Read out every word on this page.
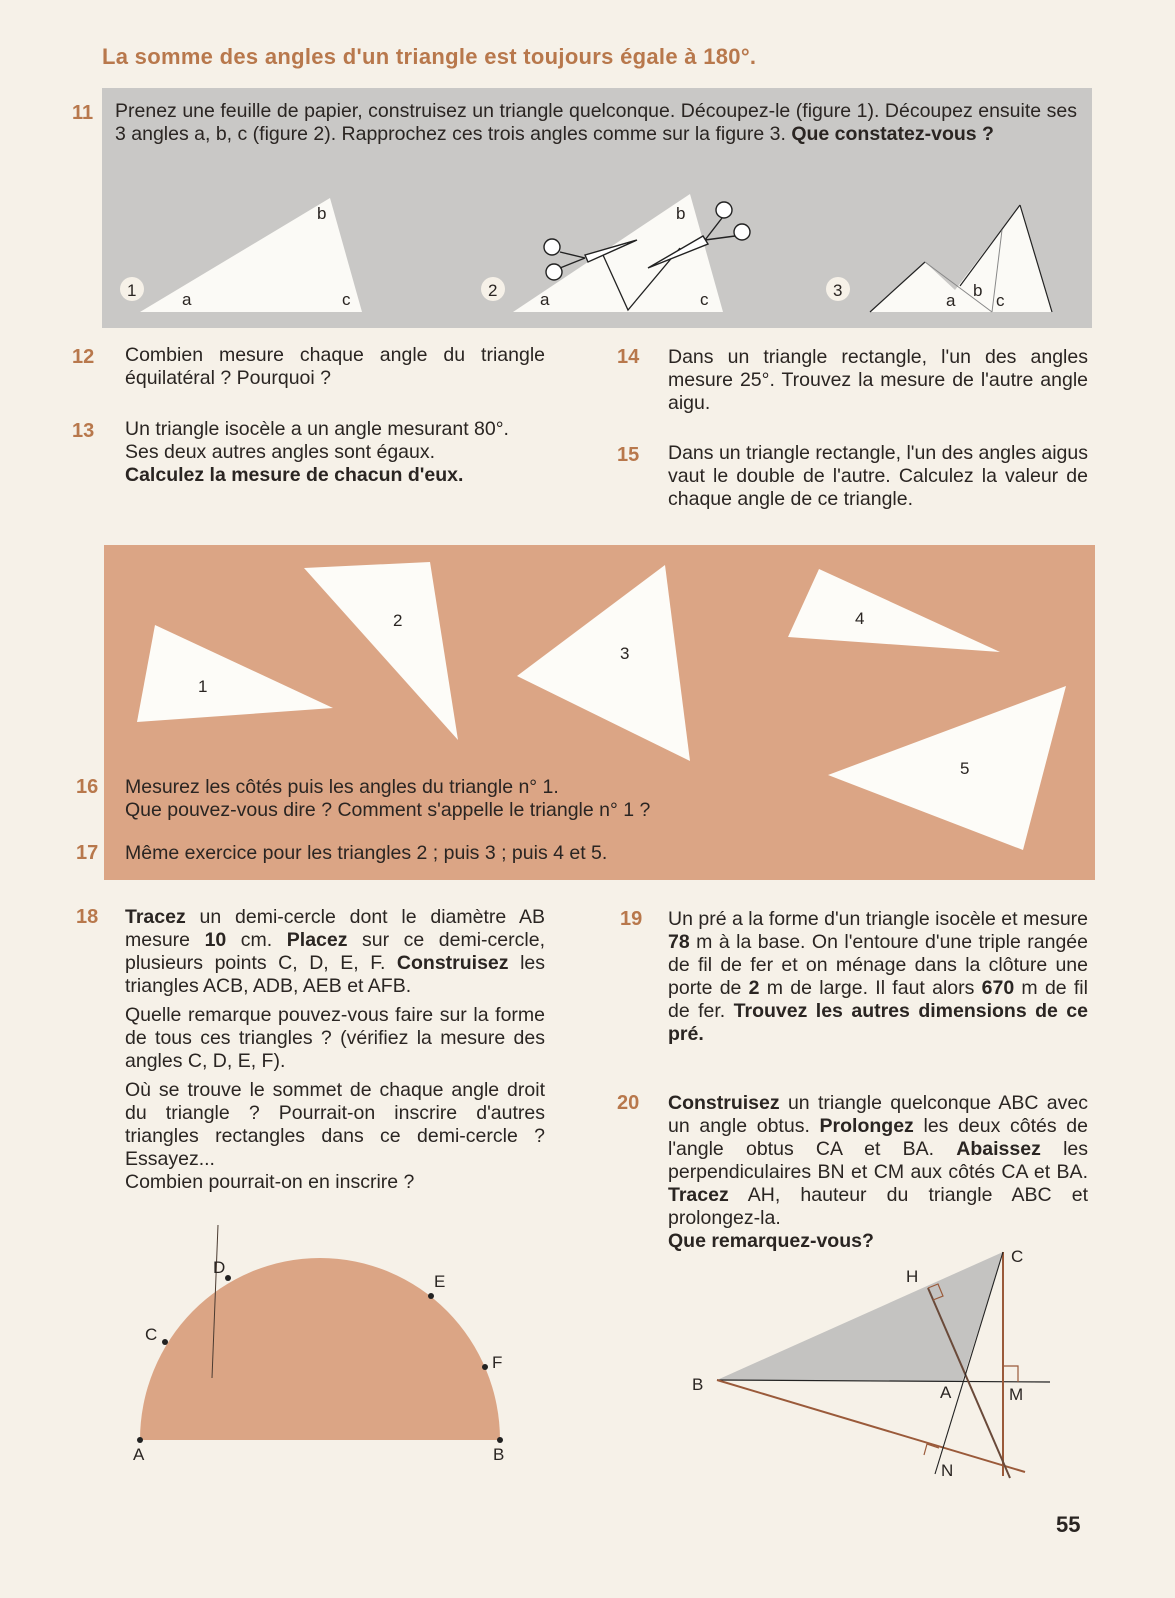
La somme des angles d'un triangle est toujours égale à 180°.
1	a
b
c	2	a
b
c	3
a
b
c
1
2
3
4
5
A	B
C
D
E
F
B
C
H
A	M
N
11 Prenez une feuille de papier, construisez un triangle quelconque. Découpez-le (figure 1). Découpez ensuite ses 3 angles a, b, c (figure 2). Rapprochez ces trois angles comme sur la figure 3. Que constatez-vous ?

12 Combien mesure chaque angle du triangle équilatéral ? Pourquoi ?

13 Un triangle isocèle a un angle mesurant 80°.
Ses deux autres angles sont égaux.
Calculez la mesure de chacun d'eux.

14 Dans un triangle rectangle, l'un des angles mesure 25°. Trouvez la mesure de l'autre angle aigu.

15 Dans un triangle rectangle, l'un des angles aigus vaut le double de l'autre. Calculez la valeur de chaque angle de ce triangle.

16 Mesurez les côtés puis les angles du triangle n° 1.
Que pouvez-vous dire ? Comment s'appelle le triangle n° 1 ?

17 Même exercice pour les triangles 2 ; puis 3 ; puis 4 et 5.

18 Tracez un demi-cercle dont le diamètre AB mesure 10 cm. Placez sur ce demi-cercle, plusieurs points C, D, E, F. Construisez les triangles ACB, ADB, AEB et AFB.

Quelle remarque pouvez-vous faire sur la forme de tous ces triangles ? (vérifiez la mesure des angles C, D, E, F).

Où se trouve le sommet de chaque angle droit du triangle ? Pourrait-on inscrire d'autres triangles rectangles dans ce demi-cercle ? Essayez...
Combien pourrait-on en inscrire ?

19 Un pré a la forme d'un triangle isocèle et mesure 78 m à la base. On l'entoure d'une triple rangée de fil de fer et on ménage dans la clôture une porte de 2 m de large. Il faut alors 670 m de fil de fer. Trouvez les autres dimensions de ce pré.

20 Construisez un triangle quelconque ABC avec un angle obtus. Prolongez les deux côtés de l'angle obtus CA et BA. Abaissez les perpendiculaires BN et CM aux côtés CA et BA. Tracez AH, hauteur du triangle ABC et prolongez-la.
Que remarquez-vous?

55
